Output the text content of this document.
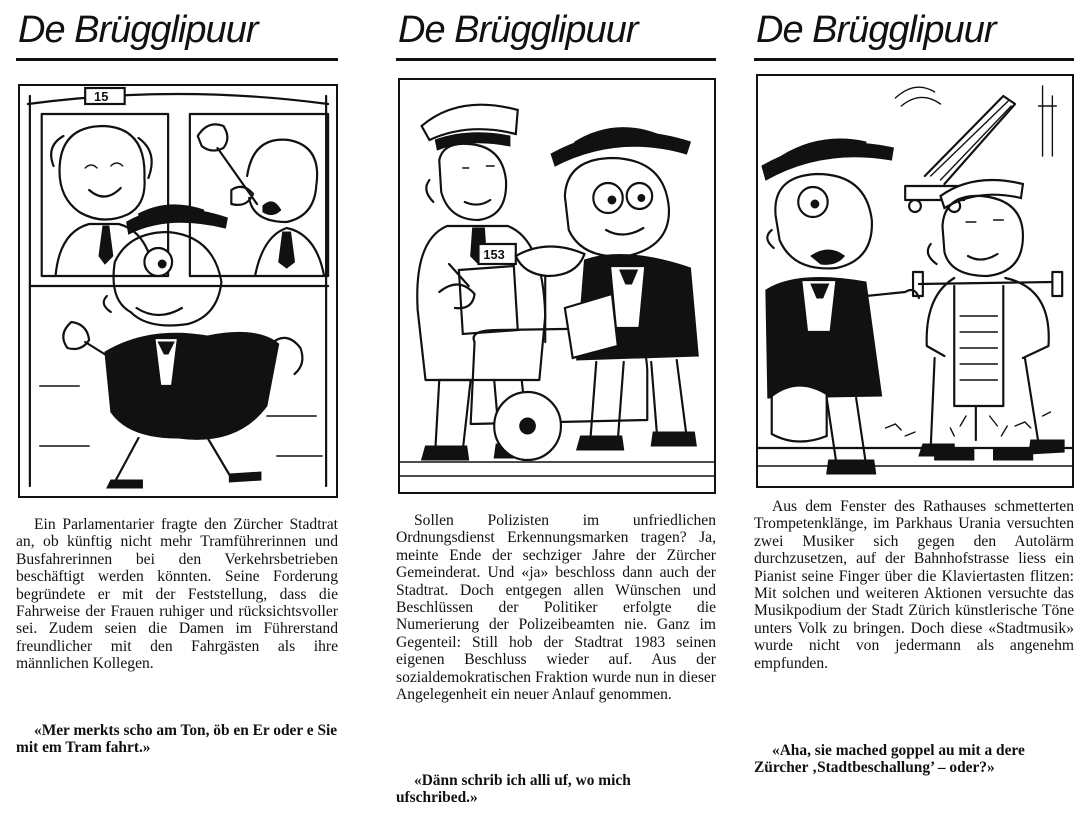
De Brügglipuur
15

Ein Parlamentarier fragte den Zürcher Stadtrat an, ob künftig nicht mehr Tramführerinnen und Busfahrerinnen bei den Verkehrsbetrieben beschäftigt werden könnten. Seine Forderung begründete er mit der Feststellung, dass die Fahrweise der Frauen ruhiger und rücksichtsvoller sei. Zudem seien die Damen im Führerstand freundlicher mit den Fahrgästen als ihre männlichen Kollegen.

«Mer merkts scho am Ton, öb en Er oder e Sie mit em Tram fahrt.»

De Brügglipuur
153

Sollen Polizisten im unfriedlichen Ordnungsdienst Erkennungsmarken tragen? Ja, meinte Ende der sechziger Jahre der Zürcher Gemeinderat. Und «ja» beschloss dann auch der Stadtrat. Doch entgegen allen Wünschen und Beschlüssen der Politiker erfolgte die Numerierung der Polizeibeamten nie. Ganz im Gegenteil: Still hob der Stadtrat 1983 seinen eigenen Beschluss wieder auf. Aus der sozialdemokratischen Fraktion wurde nun in dieser Angelegenheit ein neuer Anlauf genommen.

«Dänn schrib ich alli uf, wo mich ufschribed.»

De Brügglipuur

Aus dem Fenster des Rathauses schmetterten Trompetenklänge, im Parkhaus Urania versuchten zwei Musiker sich gegen den Autolärm durchzusetzen, auf der Bahnhofstrasse liess ein Pianist seine Finger über die Klaviertasten flitzen: Mit solchen und weiteren Aktionen versuchte das Musikpodium der Stadt Zürich künstlerische Töne unters Volk zu bringen. Doch diese «Stadtmusik» wurde nicht von jedermann als angenehm empfunden.

«Aha, sie mached goppel au mit a dere Zürcher ‚Stadtbeschallung’ – oder?»
